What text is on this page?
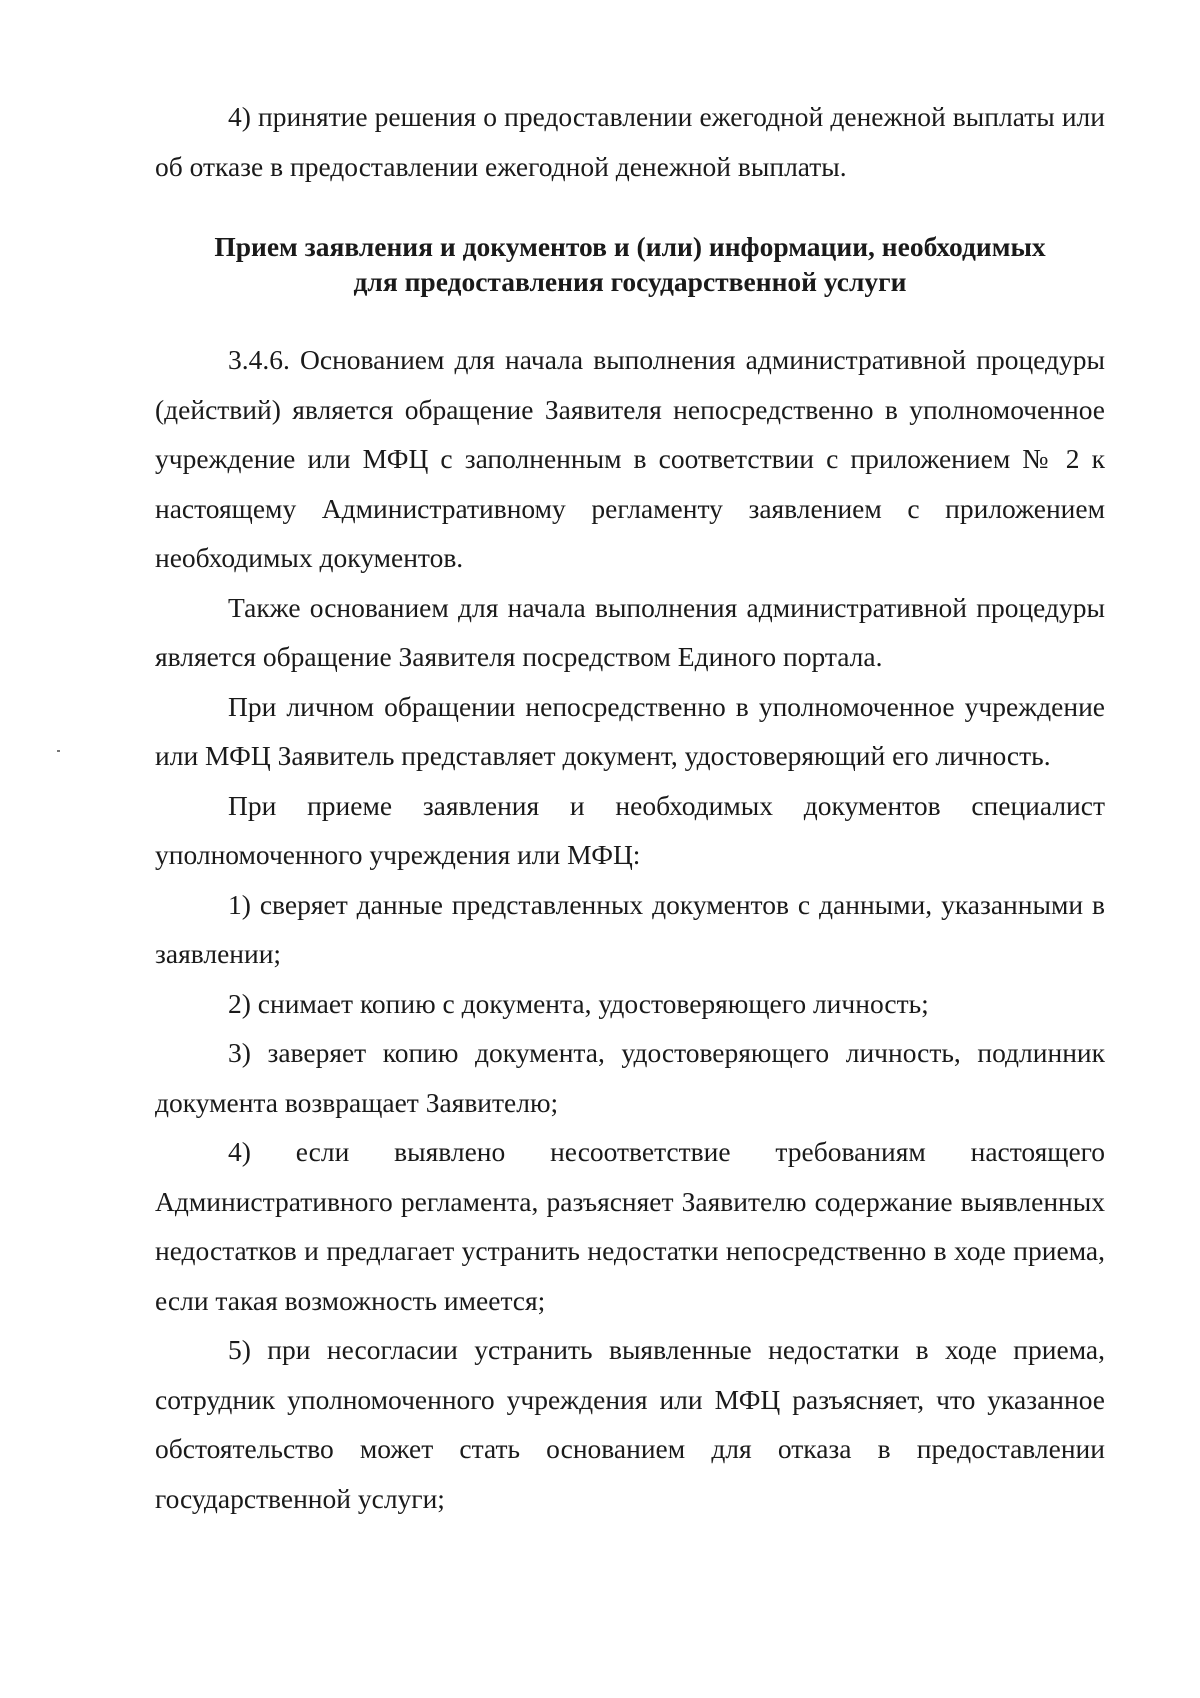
4) принятие решения о предоставлении ежегодной денежной выплаты или об отказе в предоставлении ежегодной денежной выплаты.

Прием заявления и документов и (или) информации, необходимых
для предоставления государственной услуги

3.4.6. Основанием для начала выполнения административной процедуры (действий) является обращение Заявителя непосредственно в уполномоченное учреждение или МФЦ с заполненным в соответствии с приложением № 2 к настоящему Административному регламенту заявлением с приложением необходимых документов.

Также основанием для начала выполнения административной процедуры является обращение Заявителя посредством Единого портала.

При личном обращении непосредственно в уполномоченное учреждение или МФЦ Заявитель представляет документ, удостоверяющий его личность.

При приеме заявления и необходимых документов специалист уполномоченного учреждения или МФЦ:

1) сверяет данные представленных документов с данными, указанными в заявлении;

2) снимает копию с документа, удостоверяющего личность;

3) заверяет копию документа, удостоверяющего личность, подлинник документа возвращает Заявителю;

4) если выявлено несоответствие требованиям настоящего Административного регламента, разъясняет Заявителю содержание выявленных недостатков и предлагает устранить недостатки непосредственно в ходе приема, если такая возможность имеется;

5) при несогласии устранить выявленные недостатки в ходе приема, сотрудник уполномоченного учреждения или МФЦ разъясняет, что указанное обстоятельство может стать основанием для отказа в предоставлении государственной услуги;
